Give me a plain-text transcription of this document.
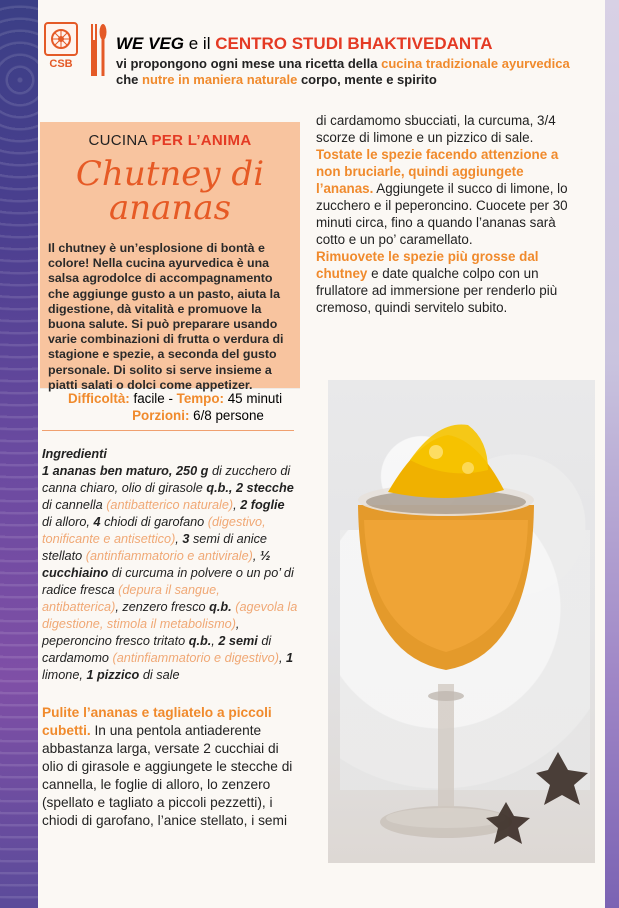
CSB
WE VEG e il CENTRO STUDI BHAKTIVEDANTA
vi propongono ogni mese una ricetta della cucina tradizionale ayurvedica
che nutre in maniera naturale corpo, mente e spirito
CUCINA PER L’ANIMA
Chutney di ananas
Il chutney è un’esplosione di bontà e colore! Nella cucina ayurvedica è una salsa agrodolce di accompagnamento che aggiunge gusto a un pasto, aiuta la digestione, dà vitalità e promuove la buona salute. Si può preparare usando varie combinazioni di frutta o verdura di stagione e spezie, a seconda del gusto personale. Di solito si serve insieme a piatti salati o dolci come appetizer.

di cardamomo sbucciati, la curcuma, 3/4 scorze di limone e un pizzico di sale.

Tostate le spezie facendo attenzione a non bruciarle, quindi aggiungete l’ananas. Aggiungete il succo di limone, lo zucchero e il peperoncino. Cuocete per 30 minuti circa, fino a quando l’ananas sarà cotto e un po’ caramellato.

Rimuovete le spezie più grosse dal chutney e date qualche colpo con un frullatore ad immersione per renderlo più cremoso, quindi servitelo subito.

Difficoltà: facile - Tempo: 45 minuti
Porzioni: 6/8 persone
Ingredienti
1 ananas ben maturo, 250 g di zucchero di canna chiaro, olio di girasole q.b., 2 stecche di cannella (antibatterico naturale), 2 foglie di alloro, 4 chiodi di garofano (digestivo, tonificante e antisettico), 3 semi di anice stellato (antinfiammatorio e antivirale), ½ cucchiaino di curcuma in polvere o un po’ di radice fresca (depura il sangue, antibatterica), zenzero fresco q.b. (agevola la digestione, stimola il metabolismo), peperoncino fresco tritato q.b., 2 semi di cardamomo (antinfiammatorio e digestivo), 1 limone, 1 pizzico di sale
Pulite l’ananas e tagliatelo a piccoli cubetti. In una pentola antiaderente abbastanza larga, versate 2 cucchiai di olio di girasole e aggiungete le stecche di cannella, le foglie di alloro, lo zenzero (spellato e tagliato a piccoli pezzetti), i chiodi di garofano, l’anice stellato, i semi
